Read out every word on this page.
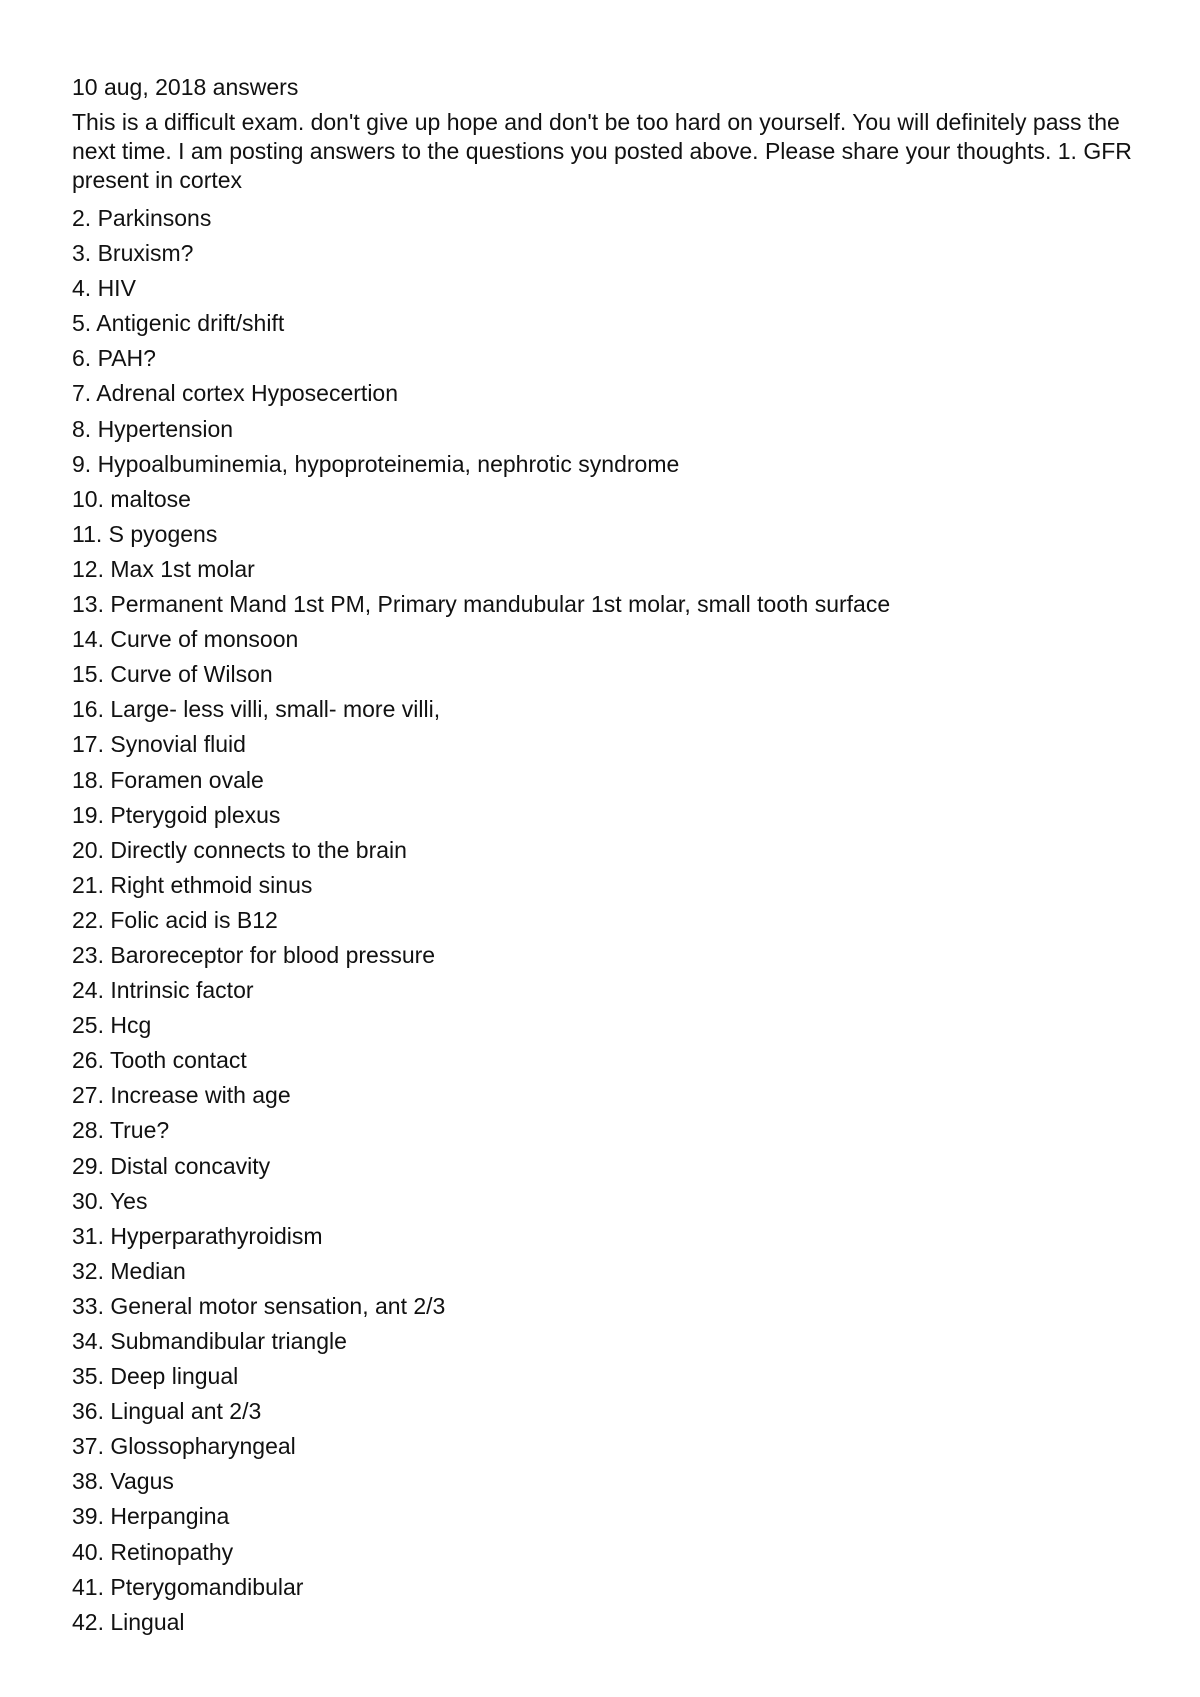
10 aug, 2018 answers
This is a difficult exam. don't give up hope and don't be too hard on yourself. You will definitely pass the next time. I am posting answers to the questions you posted above. Please share your thoughts. 1. GFR present in cortex
2. Parkinsons
3. Bruxism?
4. HIV
5. Antigenic drift/shift
6. PAH?
7. Adrenal cortex Hyposecertion
8. Hypertension
9. Hypoalbuminemia, hypoproteinemia, nephrotic syndrome
10. maltose
11. S pyogens
12. Max 1st molar
13. Permanent Mand 1st PM, Primary mandubular 1st molar, small tooth surface
14. Curve of monsoon
15. Curve of Wilson
16. Large- less villi, small- more villi,
17. Synovial fluid
18. Foramen ovale
19. Pterygoid plexus
20. Directly connects to the brain
21. Right ethmoid sinus
22. Folic acid is B12
23. Baroreceptor for blood pressure
24. Intrinsic factor
25. Hcg
26. Tooth contact
27. Increase with age
28. True?
29. Distal concavity
30. Yes
31. Hyperparathyroidism
32. Median
33. General motor sensation, ant 2/3
34. Submandibular triangle
35. Deep lingual
36. Lingual ant 2/3
37. Glossopharyngeal
38. Vagus
39. Herpangina
40. Retinopathy
41. Pterygomandibular
42. Lingual
